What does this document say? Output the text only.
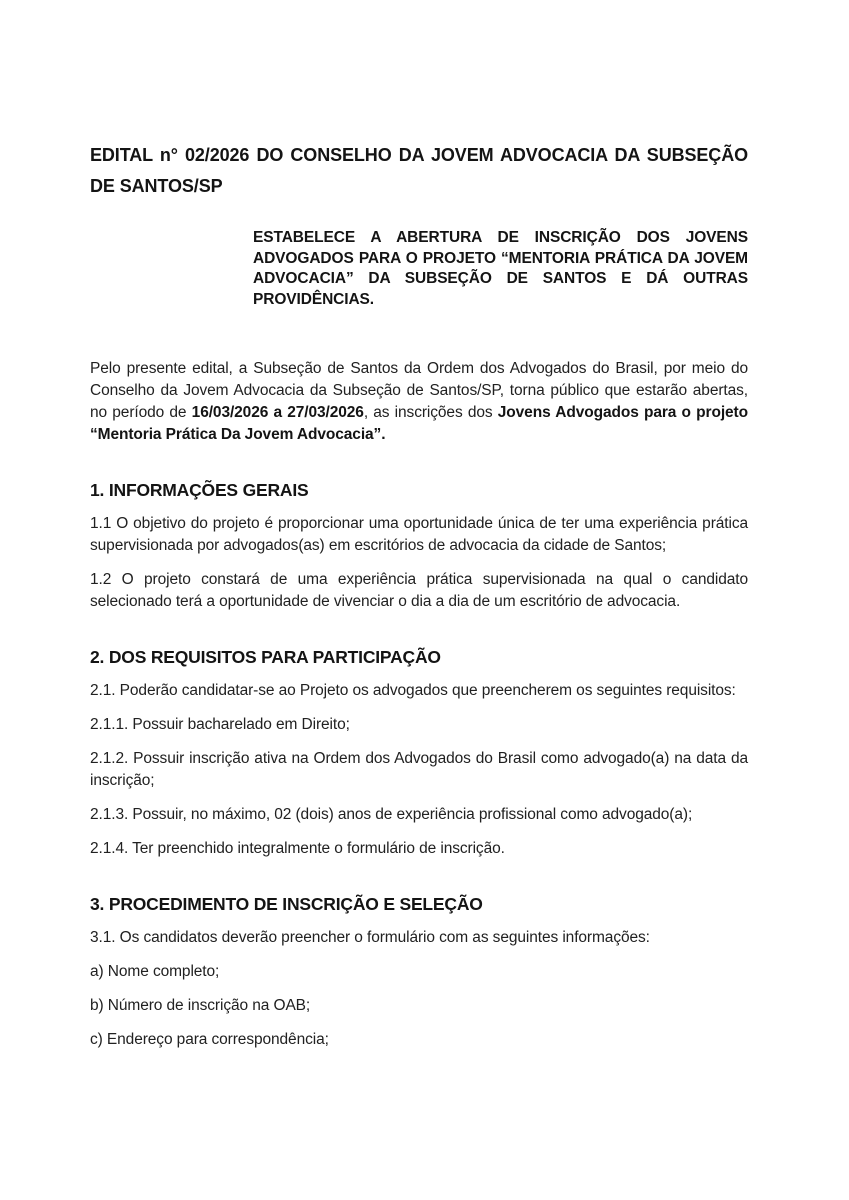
EDITAL n° 02/2026 DO CONSELHO DA JOVEM ADVOCACIA DA SUBSEÇÃO DE SANTOS/SP

ESTABELECE A ABERTURA DE INSCRIÇÃO DOS JOVENS ADVOGADOS PARA O PROJETO “MENTORIA PRÁTICA DA JOVEM ADVOCACIA” DA SUBSEÇÃO DE SANTOS E DÁ OUTRAS PROVIDÊNCIAS.

Pelo presente edital, a Subseção de Santos da Ordem dos Advogados do Brasil, por meio do Conselho da Jovem Advocacia da Subseção de Santos/SP, torna público que estarão abertas, no período de 16/03/2026 a 27/03/2026, as inscrições dos Jovens Advogados para o projeto “Mentoria Prática Da Jovem Advocacia”.

1. INFORMAÇÕES GERAIS

1.1 O objetivo do projeto é proporcionar uma oportunidade única de ter uma experiência prática supervisionada por advogados(as) em escritórios de advocacia da cidade de Santos;

1.2 O projeto constará de uma experiência prática supervisionada na qual o candidato selecionado terá a oportunidade de vivenciar o dia a dia de um escritório de advocacia.

2. DOS REQUISITOS PARA PARTICIPAÇÃO

2.1. Poderão candidatar-se ao Projeto os advogados que preencherem os seguintes requisitos:

2.1.1. Possuir bacharelado em Direito;

2.1.2. Possuir inscrição ativa na Ordem dos Advogados do Brasil como advogado(a) na data da inscrição;

2.1.3. Possuir, no máximo, 02 (dois) anos de experiência profissional como advogado(a);

2.1.4. Ter preenchido integralmente o formulário de inscrição.

3. PROCEDIMENTO DE INSCRIÇÃO E SELEÇÃO

3.1. Os candidatos deverão preencher o formulário com as seguintes informações:

a) Nome completo;

b) Número de inscrição na OAB;

c) Endereço para correspondência;
